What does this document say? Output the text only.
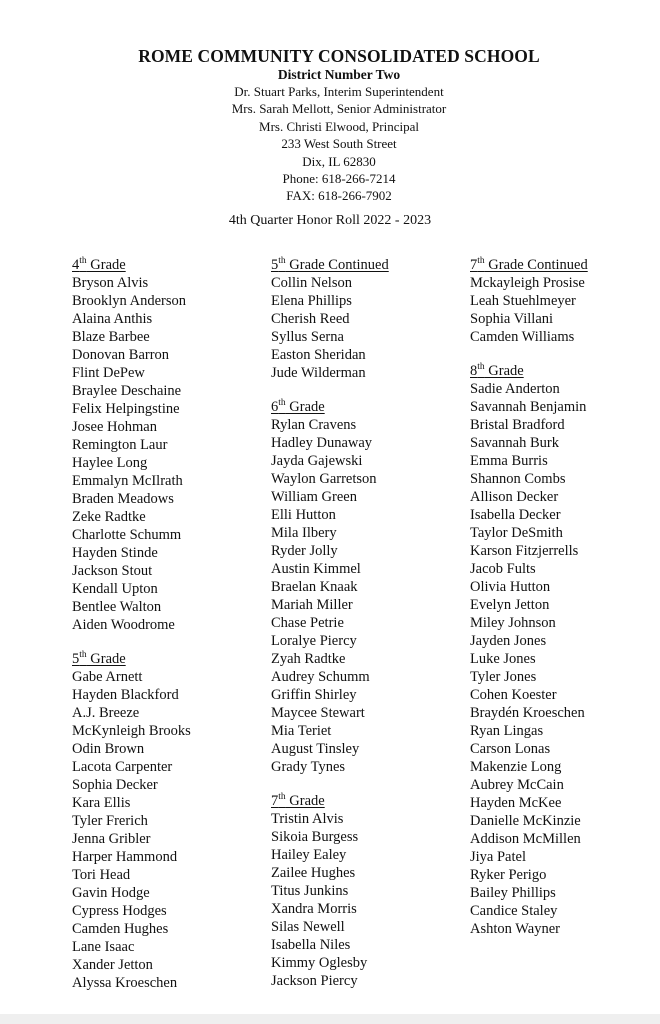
ROME COMMUNITY CONSOLIDATED SCHOOL
District Number Two
Dr. Stuart Parks, Interim Superintendent
Mrs. Sarah Mellott, Senior Administrator
Mrs. Christi Elwood, Principal
233 West South Street
Dix, IL 62830
Phone: 618-266-7214
FAX: 618-266-7902
4th Quarter Honor Roll 2022 - 2023
4th Grade
Bryson Alvis
Brooklyn Anderson
Alaina Anthis
Blaze Barbee
Donovan Barron
Flint DePew
Braylee Deschaine
Felix Helpingstine
Josee Hohman
Remington Laur
Haylee Long
Emmalyn McIlrath
Braden Meadows
Zeke Radtke
Charlotte Schumm
Hayden Stinde
Jackson Stout
Kendall Upton
Bentlee Walton
Aiden Woodrome
5th Grade
Gabe Arnett
Hayden Blackford
A.J. Breeze
McKynleigh Brooks
Odin Brown
Lacota Carpenter
Sophia Decker
Kara Ellis
Tyler Frerich
Jenna Gribler
Harper Hammond
Tori Head
Gavin Hodge
Cypress Hodges
Camden Hughes
Lane Isaac
Xander Jetton
Alyssa Kroeschen
5th Grade Continued
Collin Nelson
Elena Phillips
Cherish Reed
Syllus Serna
Easton Sheridan
Jude Wilderman
6th Grade
Rylan Cravens
Hadley Dunaway
Jayda Gajewski
Waylon Garretson
William Green
Elli Hutton
Mila Ilbery
Ryder Jolly
Austin Kimmel
Braelan Knaak
Mariah Miller
Chase Petrie
Loralye Piercy
Zyah Radtke
Audrey Schumm
Griffin Shirley
Maycee Stewart
Mia Teriet
August Tinsley
Grady Tynes
7th Grade
Tristin Alvis
Sikoia Burgess
Hailey Ealey
Zailee Hughes
Titus Junkins
Xandra Morris
Silas Newell
Isabella Niles
Kimmy Oglesby
Jackson Piercy
7th Grade Continued
Mckayleigh Prosise
Leah Stuehlmeyer
Sophia Villani
Camden Williams
8th Grade
Sadie Anderton
Savannah Benjamin
Bristal Bradford
Savannah Burk
Emma Burris
Shannon Combs
Allison Decker
Isabella Decker
Taylor DeSmith
Karson Fitzjerrells
Jacob Fults
Olivia Hutton
Evelyn Jetton
Miley Johnson
Jayden Jones
Luke Jones
Tyler Jones
Cohen Koester
Braydén Kroeschen
Ryan Lingas
Carson Lonas
Makenzie Long
Aubrey McCain
Hayden McKee
Danielle McKinzie
Addison McMillen
Jiya Patel
Ryker Perigo
Bailey Phillips
Candice Staley
Ashton Wayner
